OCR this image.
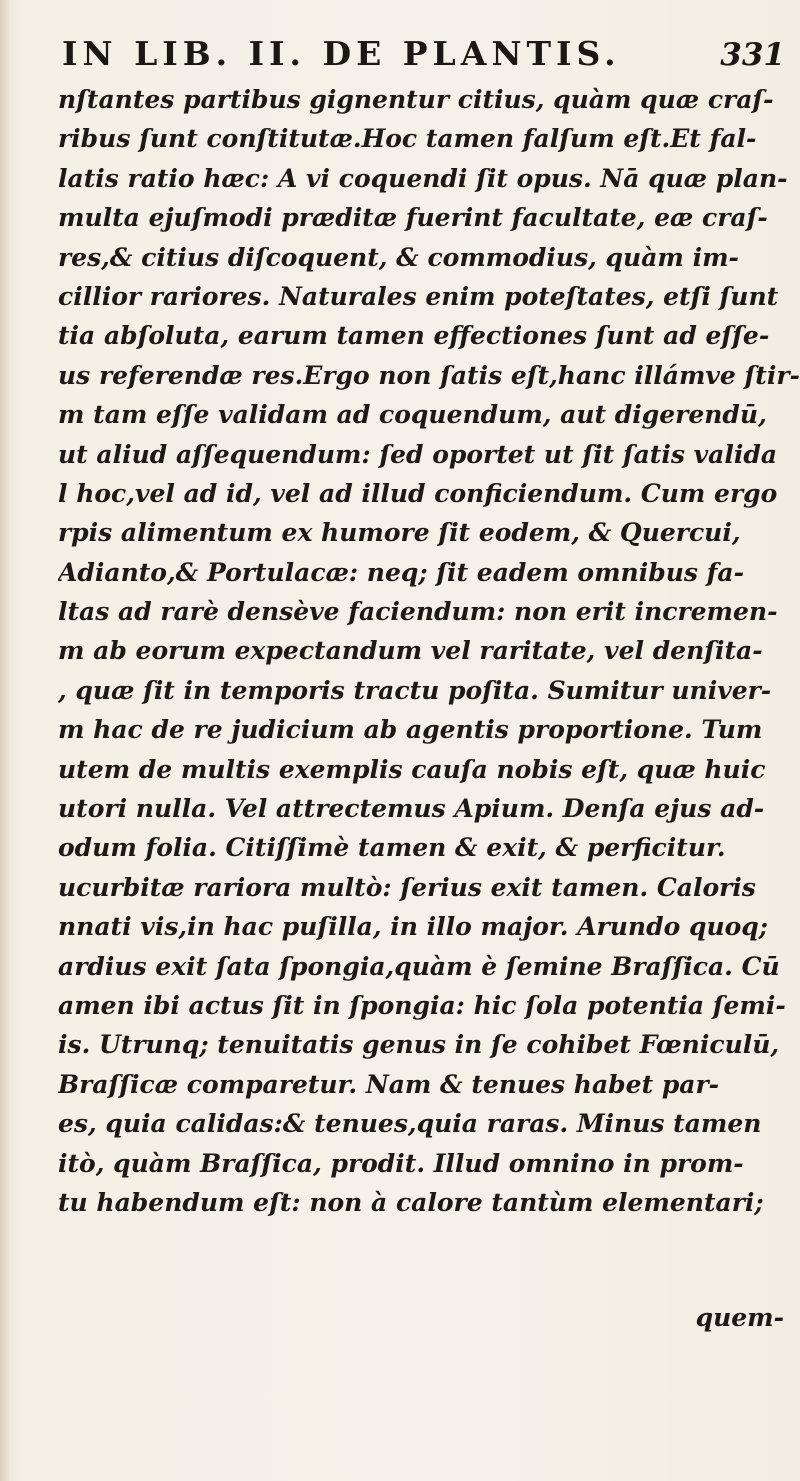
IN LIB. II. DE PLANTIS.	331
nſtantes partibus gignentur citius, quàm quæ craſ-
ribus ſunt conſtitutæ.Hoc tamen falſum eſt.Et fal-
latis ratio hæc: A vi coquendi ſit opus. Nā quæ plan-
multa ejuſmodi præditæ fuerint facultate, eæ craſ-
res,& citius diſcoquent, & commodius, quàm im-
cillior rariores. Naturales enim poteſtates, etſi ſunt
tia abſoluta, earum tamen effectiones ſunt ad eſſe-
us referendæ res.Ergo non ſatis eſt,hanc illámve ſtir-
m tam eſſe validam ad coquendum, aut digerendū,
ut aliud aſſequendum: ſed oportet ut ſit ſatis valida
l hoc,vel ad id, vel ad illud conficiendum. Cum ergo
rpis alimentum ex humore ſit eodem, & Quercui,
Adianto,& Portulacæ: neq; ſit eadem omnibus fa-
ltas ad rarè densève faciendum: non erit incremen-
m ab eorum expectandum vel raritate, vel denſita-
, quæ ſit in temporis tractu poſita. Sumitur univer-
m hac de re judicium ab agentis proportione. Tum
utem de multis exemplis cauſa nobis eſt, quæ huic
utori nulla. Vel attrectemus Apium. Denſa ejus ad-
odum folia. Citiſſimè tamen & exit, & perficitur.
ucurbitæ rariora multò: ſerius exit tamen. Caloris
nnati vis,in hac puſilla, in illo major. Arundo quoq;
ardius exit ſata ſpongia,quàm è ſemine Braſſica. Cū
amen ibi actus ſit in ſpongia: hic ſola potentia ſemi-
is. Utrunq; tenuitatis genus in ſe cohibet Fœniculū,
Braſſicæ comparetur. Nam & tenues habet par-
es, quia calidas:& tenues,quia raras. Minus tamen
itò, quàm Braſſica, prodit. Illud omnino in prom-
tu habendum eſt: non à calore tantùm elementari;
quem-
